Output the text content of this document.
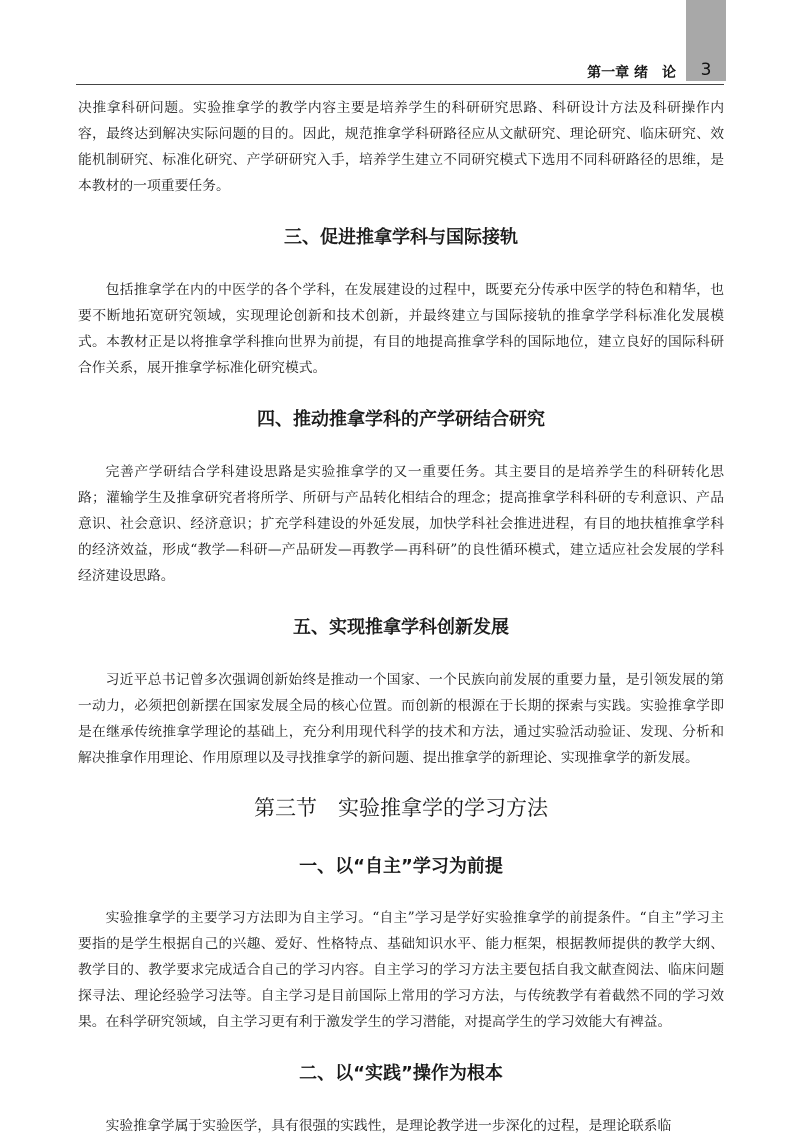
3
第一章 绪　论

决推拿科研问题。实验推拿学的教学内容主要是培养学生的科研研究思路、科研设计方法及科研操作内容，最终达到解决实际问题的目的。因此，规范推拿学科研路径应从文献研究、理论研究、临床研究、效能机制研究、标准化研究、产学研研究入手，培养学生建立不同研究模式下选用不同科研路径的思维，是本教材的一项重要任务。

三、促进推拿学科与国际接轨

包括推拿学在内的中医学的各个学科，在发展建设的过程中，既要充分传承中医学的特色和精华，也要不断地拓宽研究领域，实现理论创新和技术创新，并最终建立与国际接轨的推拿学学科标准化发展模式。本教材正是以将推拿学科推向世界为前提，有目的地提高推拿学科的国际地位，建立良好的国际科研合作关系，展开推拿学标准化研究模式。

四、推动推拿学科的产学研结合研究

完善产学研结合学科建设思路是实验推拿学的又一重要任务。其主要目的是培养学生的科研转化思路；灌输学生及推拿研究者将所学、所研与产品转化相结合的理念；提高推拿学科科研的专利意识、产品意识、社会意识、经济意识；扩充学科建设的外延发展，加快学科社会推进进程，有目的地扶植推拿学科的经济效益，形成“教学—科研—产品研发—再教学—再科研”的良性循环模式，建立适应社会发展的学科经济建设思路。

五、实现推拿学科创新发展

习近平总书记曾多次强调创新始终是推动一个国家、一个民族向前发展的重要力量，是引领发展的第一动力，必须把创新摆在国家发展全局的核心位置。而创新的根源在于长期的探索与实践。实验推拿学即是在继承传统推拿学理论的基础上，充分利用现代科学的技术和方法，通过实验活动验证、发现、分析和解决推拿作用理论、作用原理以及寻找推拿学的新问题、提出推拿学的新理论、实现推拿学的新发展。

第三节　实验推拿学的学习方法
一、以“自主”学习为前提

实验推拿学的主要学习方法即为自主学习。“自主”学习是学好实验推拿学的前提条件。“自主”学习主要指的是学生根据自己的兴趣、爱好、性格特点、基础知识水平、能力框架，根据教师提供的教学大纲、教学目的、教学要求完成适合自己的学习内容。自主学习的学习方法主要包括自我文献查阅法、临床问题探寻法、理论经验学习法等。自主学习是目前国际上常用的学习方法，与传统教学有着截然不同的学习效果。在科学研究领域，自主学习更有利于激发学生的学习潜能，对提高学生的学习效能大有裨益。

二、以“实践”操作为根本

实验推拿学属于实验医学，具有很强的实践性，是理论教学进一步深化的过程，是理论联系临
